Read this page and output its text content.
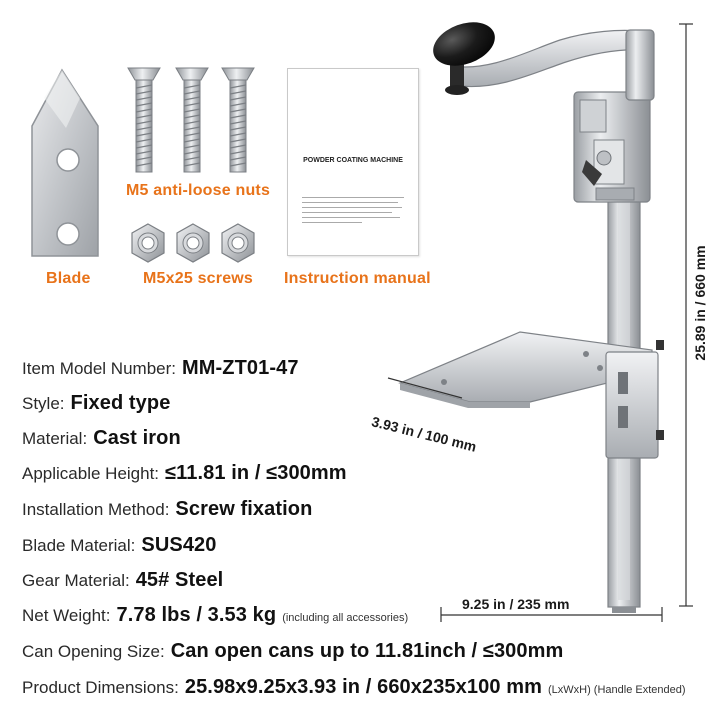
Blade
M5 anti-loose nuts
M5x25 screws
POWDER COATING MACHINE
Instruction manual	25.89 in / 660 mm
3.93 in / 100 mm
9.25 in / 235 mm
Item Model Number: MM-ZT01-47
Style: Fixed type
Material: Cast iron
Applicable Height: ≤11.81 in / ≤300mm
Installation Method: Screw fixation
Blade Material: SUS420
Gear Material: 45# Steel
Net Weight: 7.78 lbs / 3.53 kg (including all accessories)
Can Opening Size: Can open cans up to 11.81inch / ≤300mm
Product Dimensions: 25.98x9.25x3.93 in / 660x235x100 mm (LxWxH) (Handle Extended)
